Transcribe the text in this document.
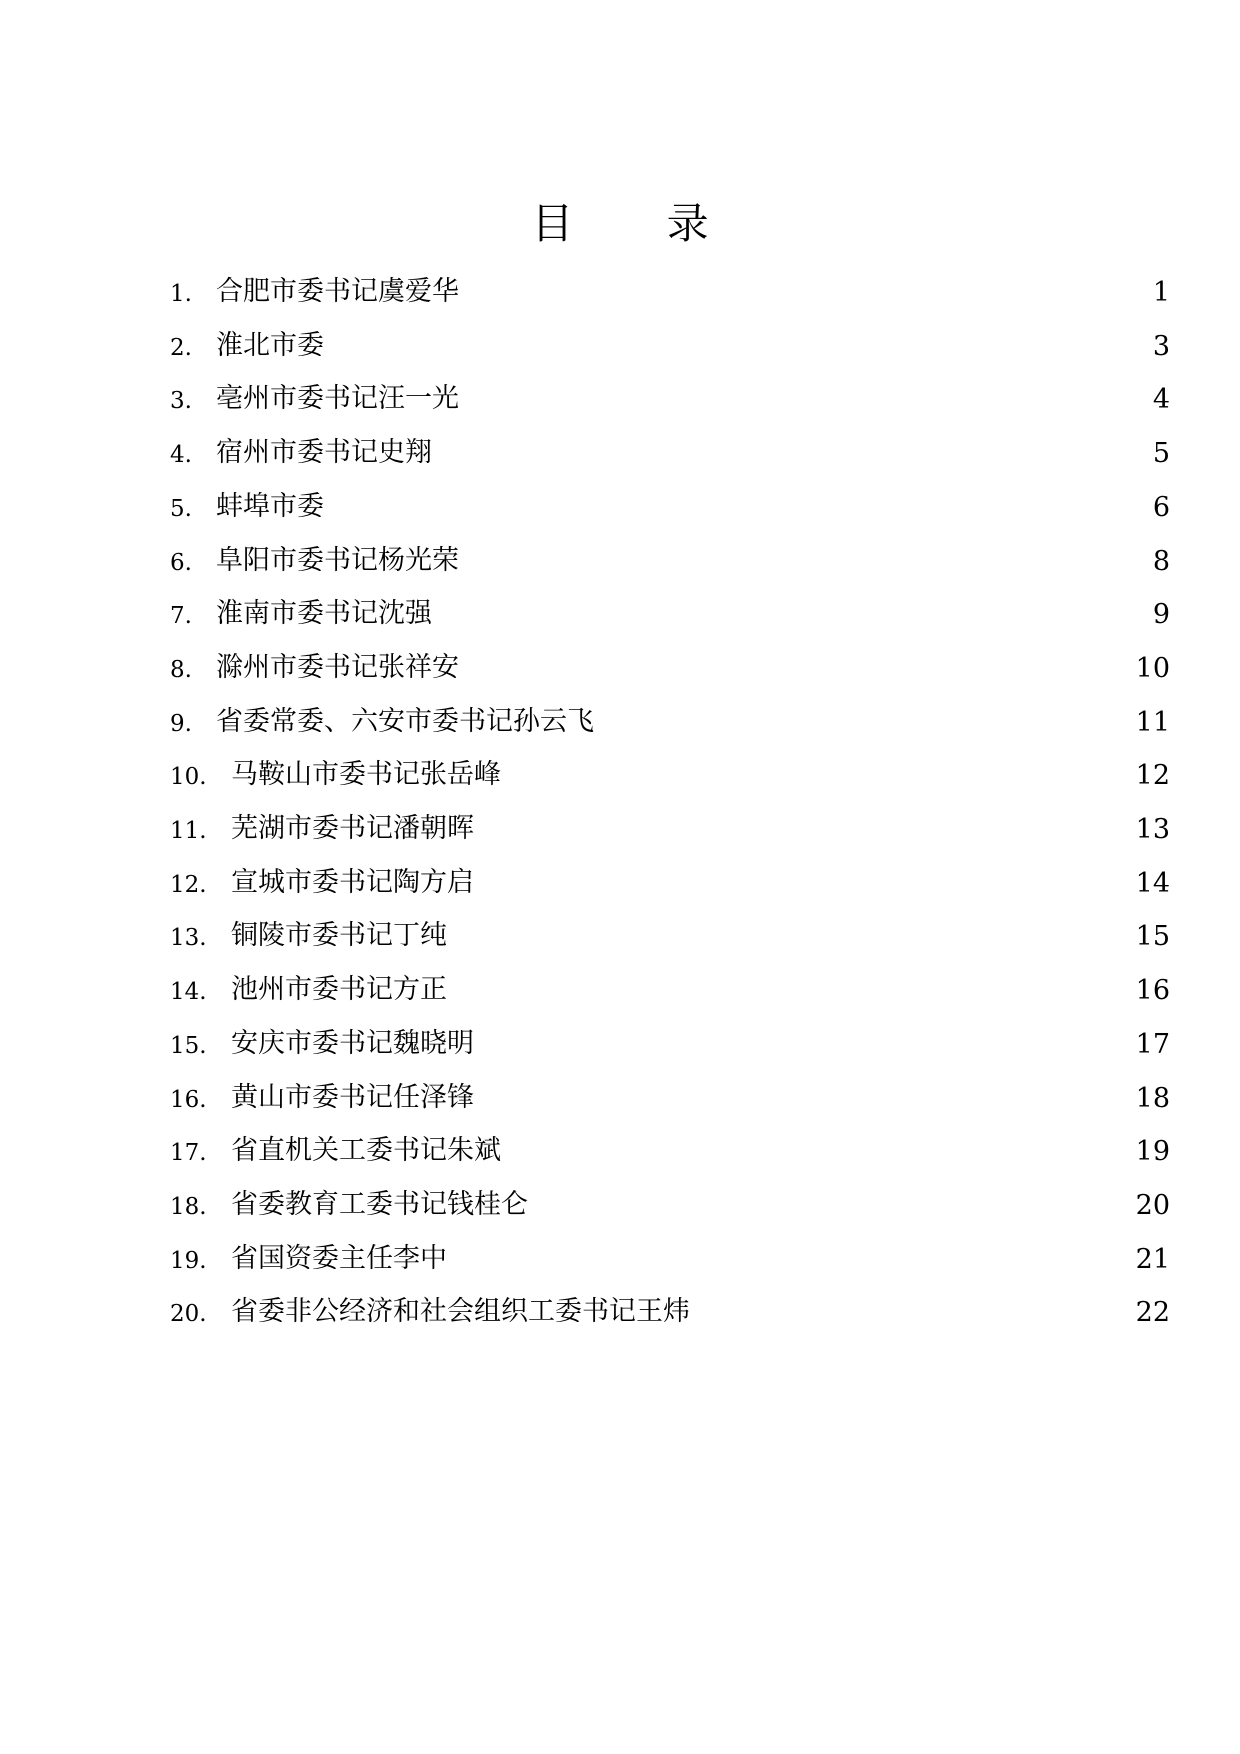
目 录
1. 合肥市委书记虞爱华	1
2. 淮北市委	3
3. 亳州市委书记汪一光	4
4. 宿州市委书记史翔	5
5. 蚌埠市委	6
6. 阜阳市委书记杨光荣	8
7. 淮南市委书记沈强	9
8. 滁州市委书记张祥安	10
9. 省委常委、六安市委书记孙云飞	11
10. 马鞍山市委书记张岳峰	12
11. 芜湖市委书记潘朝晖	13
12. 宣城市委书记陶方启	14
13. 铜陵市委书记丁纯	15
14. 池州市委书记方正	16
15. 安庆市委书记魏晓明	17
16. 黄山市委书记任泽锋	18
17. 省直机关工委书记朱斌	19
18. 省委教育工委书记钱桂仑	20
19. 省国资委主任李中	21
20. 省委非公经济和社会组织工委书记王炜	22
